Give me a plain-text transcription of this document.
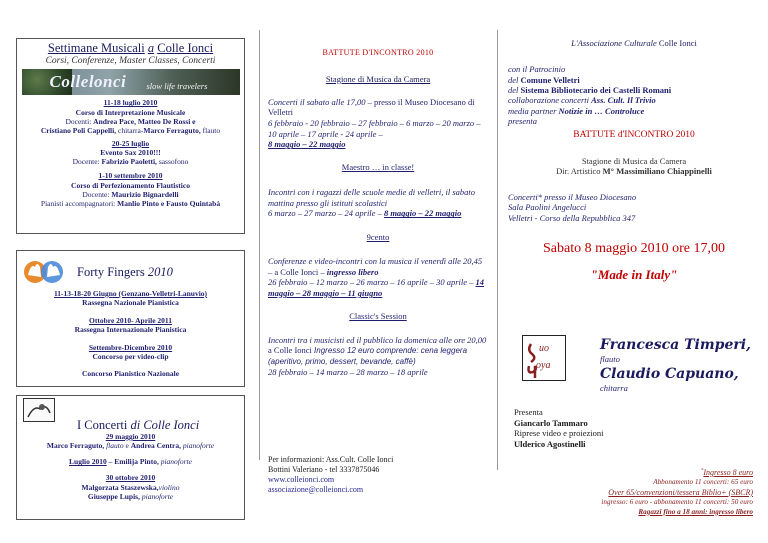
Settimane Musicali a Colle Ionci
Corsi, Conferenze, Master Classes, Concerti
Collelonci slow life travelers
11-18 luglio 2010
Corso di Interpretazione Musicale
Docenti: Andrea Pace, Matteo De Rossi e
Cristiano Poli Cappelli, chitarra-Marco Ferraguto, flauto
20-25 luglio
Evento Sax 2010!!!
Docente: Fabrizio Paoletti, sassofono
1-10 settembre 2010
Corso di Perfezionamento Flautistico
Docente: Maurizio Bignardelli
Pianisti accompagnatori: Manlio Pinto e Fausto Quintabà
Forty Fingers 2010
11-13-18-20 Giugno (Genzano-Velletri-Lanuvio)
Rassegna Nazionale Pianistica
Ottobre 2010- Aprile 2011
Rassegna Internazionale Pianistica
Settembre-Dicembre 2010
Concorso per video-clip
Concorso Pianistico Nazionale
I Concerti di Colle Ionci
29 maggio 2010
Marco Ferraguto, flauto e Andrea Centra, pianoforte
Luglio 2010 – Emilija Pinto, pianoforte
30 ottobre 2010
Malgorzata Staszewska,violino
Giuseppe Lupis, pianoforte
BATTUTE D'INCONTRO 2010
Stagione di Musica da Camera
Concerti il sabato alle 17,00 – presso il Museo Diocesano di Velletri
6 febbraio - 20 febbraio – 27 febbraio – 6 marzo – 20 marzo – 10 aprile – 17 aprile - 24 aprile –
8 maggio – 22 maggio
Maestro … in classe!
Incontri con i ragazzi delle scuole medie di velletri, il sabato mattina presso gli istituti scolastici
6 marzo – 27 marzo – 24 aprile – 8 maggio – 22 maggio
9cento
Conferenze e video-incontri con la musica il venerdì alle 20,45 – a Colle Ionci – ingresso libero
26 febbraio – 12 marzo – 26 marzo – 16 aprile – 30 aprile – 14 maggio – 28 maggio – 11 giugno
Classic's Session
Incontri tra i musicisti ed il pubblico la domenica alle ore 20,00 a Colle Ionci Ingresso 12 euro comprende: cena leggera (aperitivo, primo, dessert, bevande, caffè)
28 febbraio – 14 marzo – 28 marzo – 18 aprile
Per informazioni: Ass.Cult. Colle Ionci
Bottini Valeriano - tel 3337875046
www.colleionci.com
associazione@colleionci.com
L'Associazione Culturale Colle Ionci
con il Patrocinio
del Comune Velletri
del Sistema Bibliotecario dei Castelli Romani
collaborazione concerti Ass. Cult. Il Trivio
media partner Notizie in … Controluce
presenta
BATTUTE d'INCONTRO 2010
Stagione di Musica da Camera
Dir. Artistico M° Massimiliano Chiappinelli
Concerti* presso il Museo Diocesano
Sala Paolini Angelucci
Velletri - Corso della Repubblica 347
Sabato 8 maggio 2010 ore 17,00
"Made in Italy"
uo
oya
Francesca Timperi, flauto
Claudio Capuano, chitarra
Presenta
Giancarlo Tammaro
Riprese video e proiezioni
Ulderico Agostinelli
*Ingresso 8 euro
Abbonamento 11 concerti: 65 euro
Over 65/convenzioni/tessera Biblio+ (SBCR)
ingresso: 6 euro - abbonamento 11 concerti: 50 euro
Ragazzi fino a 18 anni: ingresso libero
